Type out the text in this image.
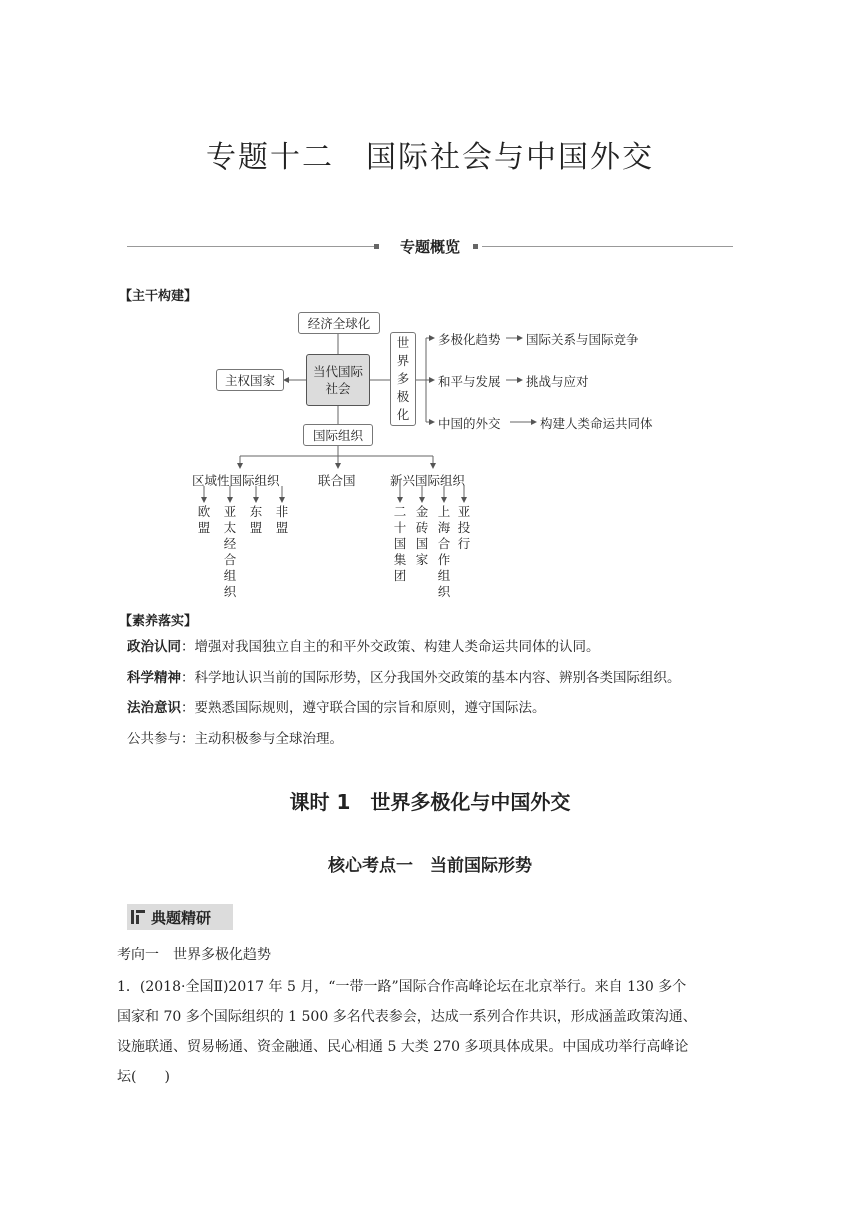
专题十二　国际社会与中国外交
专题概览
【主干构建】
经济全球化
当代国际社会
主权国家
世界多极化
国际组织
多极化趋势 国际关系与国际竞争
和平与发展 挑战与应对
中国的外交	构建人类命运共同体
区域性国际组织	联合国	新兴国际组织
欧
盟
亚
太
经
合
组
织
东
盟
非
盟
二
十
国
集
团
金
砖
国
家
上
海
合
作
组
织
亚
投
行
【素养落实】
政治认同：增强对我国独立自主的和平外交政策、构建人类命运共同体的认同。
科学精神：科学地认识当前的国际形势，区分我国外交政策的基本内容、辨别各类国际组织。
法治意识：要熟悉国际规则，遵守联合国的宗旨和原则，遵守国际法。
公共参与：主动积极参与全球治理。
课时 1　世界多极化与中国外交
核心考点一　当前国际形势
典题精研
考向一　世界多极化趋势
1．(2018·全国Ⅱ)2017 年 5 月，“一带一路”国际合作高峰论坛在北京举行。来自 130 多个
国家和 70 多个国际组织的 1 500 多名代表参会，达成一系列合作共识，形成涵盖政策沟通、
设施联通、贸易畅通、资金融通、民心相通 5 大类 270 多项具体成果。中国成功举行高峰论
坛(　　)
